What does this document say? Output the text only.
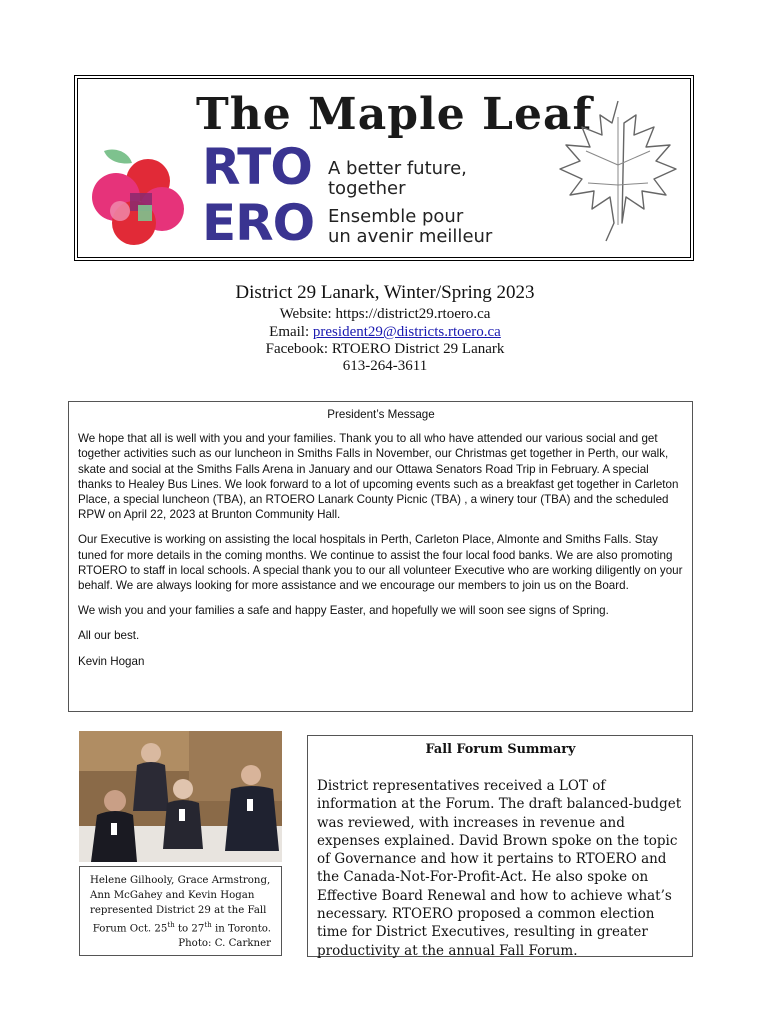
The Maple Leaf
RTO
ERO
A better future,
together
Ensemble pour
un avenir meilleur
District 29 Lanark, Winter/Spring 2023
Website: https://district29.rtoero.ca
Email: president29@districts.rtoero.ca
Facebook: RTOERO District 29 Lanark
613-264-3611
President’s Message

We hope that all is well with you and your families. Thank you to all who have attended our various social and get together activities such as our luncheon in Smiths Falls in November, our Christmas get together in Perth, our walk, skate and social at the Smiths Falls Arena in January and our Ottawa Senators Road Trip in February. A special thanks to Healey Bus Lines. We look forward to a lot of upcoming events such as a breakfast get together in Carleton Place, a special luncheon (TBA), an RTOERO Lanark County Picnic (TBA) , a winery tour (TBA) and the scheduled RPW on April 22, 2023 at Brunton Community Hall.

Our Executive is working on assisting the local hospitals in Perth, Carleton Place, Almonte and Smiths Falls. Stay tuned for more details in the coming months. We continue to assist the four local food banks. We are also promoting RTOERO to staff in local schools. A special thank you to our all volunteer Executive who are working diligently on your behalf. We are always looking for more assistance and we encourage our members to join us on the Board.

We wish you and your families a safe and happy Easter, and hopefully we will soon see signs of Spring.

All our best.

Kevin Hogan

Helene Gilhooly, Grace Armstrong, Ann McGahey and Kevin Hogan represented District 29 at the Fall
Forum Oct. 25th to 27th in Toronto.
Photo: C. Carkner
Fall Forum Summary

District representatives received a LOT of information at the Forum. The draft balanced-budget was reviewed, with increases in revenue and expenses explained. David Brown spoke on the topic of Governance and how it pertains to RTOERO and the Canada-Not-For-Profit-Act. He also spoke on Effective Board Renewal and how to achieve what’s necessary. RTOERO proposed a common election time for District Executives, resulting in greater productivity at the annual Fall Forum.
